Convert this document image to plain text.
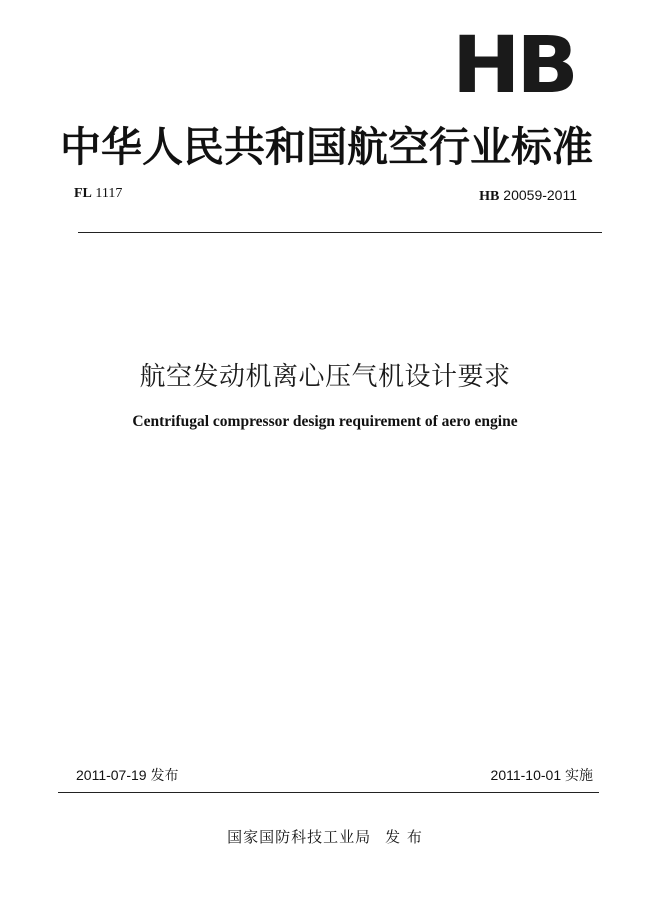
HB
中华人民共和国航空行业标准
FL 1117	HB 20059-2011
航空发动机离心压气机设计要求
Centrifugal compressor design requirement of aero engine
2011-07-19 发布	2011-10-01 实施
国家国防科技工业局 发 布
